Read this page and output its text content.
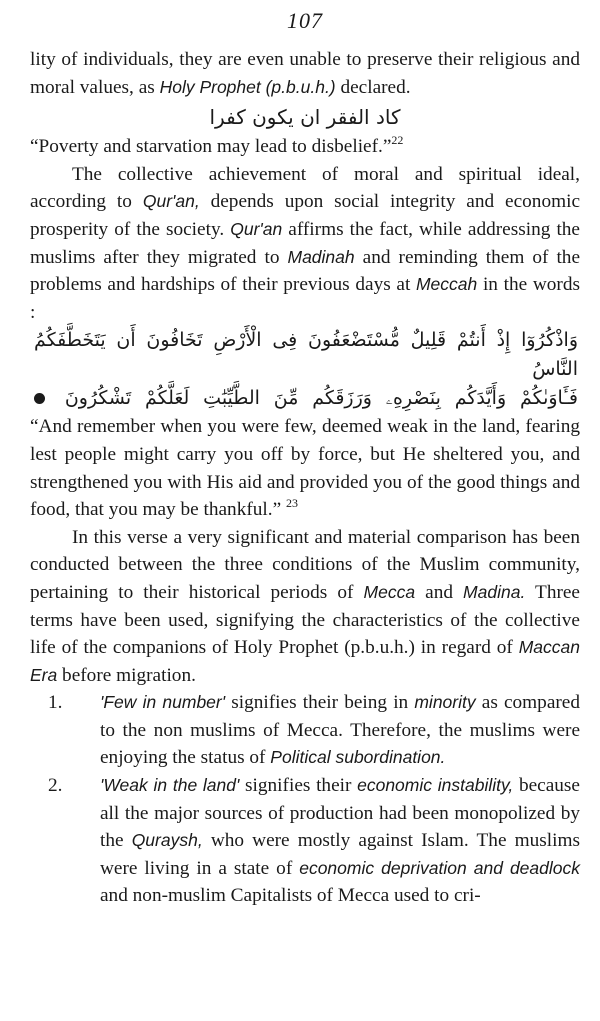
107

lity of individuals, they are even unable to preserve their religious and moral values, as Holy Prophet (p.b.u.h.) declared.

كاد الفقر ان يكون كفرا

“Poverty and starvation may lead to disbelief.”$^{22}$

The collective achievement of moral and spiritual ideal, according to Qur'an, depends upon social integrity and economic prosperity of the society. Qur'an affirms the fact, while addressing the muslims after they migrated to Madinah and reminding them of the problems and hardships of their previous days at Meccah in the words :

وَاذْكُرُوٓا إِذْ أَنتُمْ قَلِيلٌ مُّسْتَضْعَفُونَ فِى الْأَرْضِ تَخَافُونَ أَن يَتَخَطَّفَكُمُ النَّاسُ

فَـَٔاوَىٰكُمْ وَأَيَّدَكُم بِنَصْرِهِۦ وَرَزَقَكُم مِّنَ الطَّيِّبَٰتِ لَعَلَّكُمْ تَشْكُرُونَ

“And remember when you were few, deemed weak in the land, fearing lest people might carry you off by force, but He sheltered you, and strengthened you with His aid and provided you of the good things and food, that you may be thankful.” $^{23}$

In this verse a very significant and material comparison has been conducted between the three conditions of the Muslim community, pertaining to their historical periods of Mecca and Madina. Three terms have been used, signifying the characteristics of the collective life of the companions of Holy Prophet (p.b.u.h.) in regard of Maccan Era before migration.

1.	'Few in number' signifies their being in minority as compared to the non muslims of Mecca. Therefore, the muslims were enjoying the status of Political subordination.

2.	'Weak in the land' signifies their economic instability, because all the major sources of production had been monopolized by the Quraysh, who were mostly against Islam. The muslims were living in a state of economic deprivation and deadlock and non-muslim Capitalists of Mecca used to cri-
